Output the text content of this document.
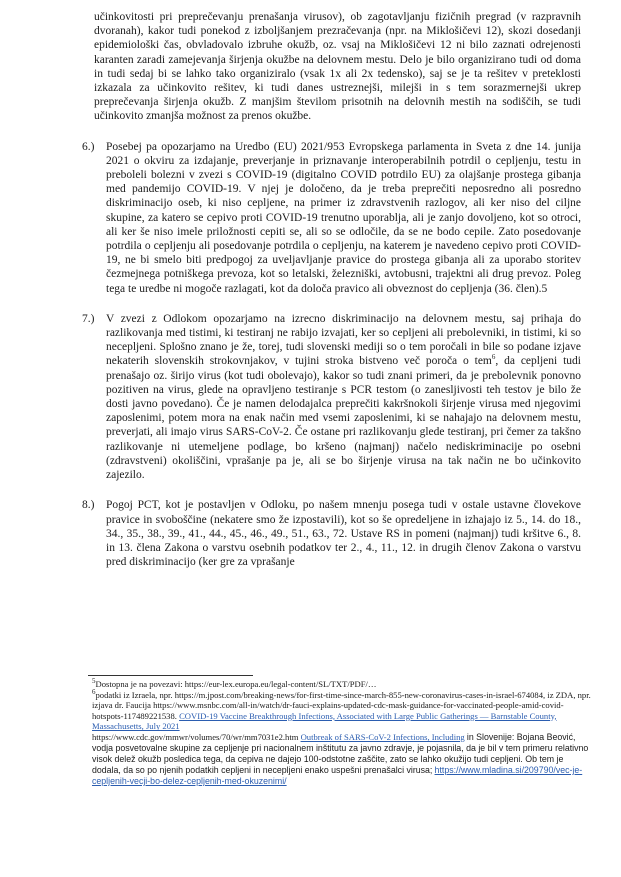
učinkovitosti pri preprečevanju prenašanja virusov), ob zagotavljanju fizičnih pregrad (v razpravnih dvoranah), kakor tudi ponekod z izboljšanjem prezračevanja (npr. na Miklošičevi 12), skozi dosedanji epidemiološki čas, obvladovalo izbruhe okužb, oz. vsaj na Miklošičevi 12 ni bilo zaznati odrejenosti karanten zaradi zamejevanja širjenja okužbe na delovnem mestu. Delo je bilo organizirano tudi od doma in tudi sedaj bi se lahko tako organiziralo (vsak 1x ali 2x tedensko), saj se je ta rešitev v preteklosti izkazala za učinkovito rešitev, ki tudi danes ustreznejši, milejši in s tem sorazmernejši ukrep preprečevanja širjenja okužb. Z manjšim številom prisotnih na delovnih mestih na sodiščih, se tudi učinkovito zmanjša možnost za prenos okužbe.

6.) Posebej pa opozarjamo na Uredbo (EU) 2021/953 Evropskega parlamenta in Sveta z dne 14. junija 2021 o okviru za izdajanje, preverjanje in priznavanje interoperabilnih potrdil o cepljenju, testu in preboleli bolezni v zvezi s COVID-19 (digitalno COVID potrdilo EU) za olajšanje prostega gibanja med pandemijo COVID-19. V njej je določeno, da je treba preprečiti neposredno ali posredno diskriminacijo oseb, ki niso cepljene, na primer iz zdravstvenih razlogov, ali ker niso del ciljne skupine, za katero se cepivo proti COVID-19 trenutno uporablja, ali je zanjo dovoljeno, kot so otroci, ali ker še niso imele priložnosti cepiti se, ali so se odločile, da se ne bodo cepile. Zato posedovanje potrdila o cepljenju ali posedovanje potrdila o cepljenju, na katerem je navedeno cepivo proti COVID-19, ne bi smelo biti predpogoj za uveljavljanje pravice do prostega gibanja ali za uporabo storitev čezmejnega potniškega prevoza, kot so letalski, železniški, avtobusni, trajektni ali drug prevoz. Poleg tega te uredbe ni mogoče razlagati, kot da določa pravico ali obveznost do cepljenja (36. člen).5
7.) V zvezi z Odlokom opozarjamo na izrecno diskriminacijo na delovnem mestu, saj prihaja do razlikovanja med tistimi, ki testiranj ne rabijo izvajati, ker so cepljeni ali prebolevniki, in tistimi, ki so necepljeni. Splošno znano je že, torej, tudi slovenski mediji so o tem poročali in bile so podane izjave nekaterih slovenskih strokovnjakov, v tujini stroka bistveno več poroča o tem$^6$, da cepljeni tudi prenašajo oz. širijo virus (kot tudi obolevajo), kakor so tudi znani primeri, da je prebolevnik ponovno pozitiven na virus, glede na opravljeno testiranje s PCR testom (o zanesljivosti teh testov je bilo že dosti javno povedano). Če je namen delodajalca preprečiti kakršnokoli širjenje virusa med njegovimi zaposlenimi, potem mora na enak način med vsemi zaposlenimi, ki se nahajajo na delovnem mestu, preverjati, ali imajo virus SARS-CoV-2. Če ostane pri razlikovanju glede testiranj, pri čemer za takšno razlikovanje ni utemeljene podlage, bo kršeno (najmanj) načelo nediskriminacije po osebni (zdravstveni) okoliščini, vprašanje pa je, ali se bo širjenje virusa na tak način ne bo učinkovito zajezilo.
8.) Pogoj PCT, kot je postavljen v Odloku, po našem mnenju posega tudi v ostale ustavne človekove pravice in svoboščine (nekatere smo že izpostavili), kot so še opredeljene in izhajajo iz 5., 14. do 18., 34., 35., 38., 39., 41., 44., 45., 46., 49., 51., 63., 72. Ustave RS in pomeni (najmanj) tudi kršitve 6., 8. in 13. člena Zakona o varstvu osebnih podatkov ter 2., 4., 11., 12. in drugih členov Zakona o varstvu pred diskriminacijo (ker gre za vprašanje

$^5$Dostopna je na povezavi: https://eur-lex.europa.eu/legal-content/SL/TXT/PDF/…

$^6$podatki iz Izraela, npr. https://m.jpost.com/breaking-news/for-first-time-since-march-855-new-coronavirus-cases-in-israel-674084, iz ZDA, npr. izjava dr. Faucija https://www.msnbc.com/all-in/watch/dr-fauci-explains-updated-cdc-mask-guidance-for-vaccinated-people-amid-covid-hotspots-117489221538. COVID-19 Vaccine Breakthrough Infections, Associated with Large Public Gatherings — Barnstable County, Massachusetts, July 2021
https://www.cdc.gov/mmwr/volumes/70/wr/mm7031e2.htm Outbreak of SARS-CoV-2 Infections, Including in Slovenije: Bojana Beović, vodja posvetovalne skupine za cepljenje pri nacionalnem inštitutu za javno zdravje, je pojasnila, da je bil v tem primeru relativno visok delež okužb posledica tega, da cepiva ne dajejo 100-odstotne zaščite, zato se lahko okužijo tudi cepljeni. Ob tem je dodala, da so po njenih podatkih cepljeni in necepljeni enako uspešni prenašalci virusa; https://www.mladina.si/209790/vec-je-cepljenih-vecji-bo-delez-cepljenih-med-okuzenimi/
